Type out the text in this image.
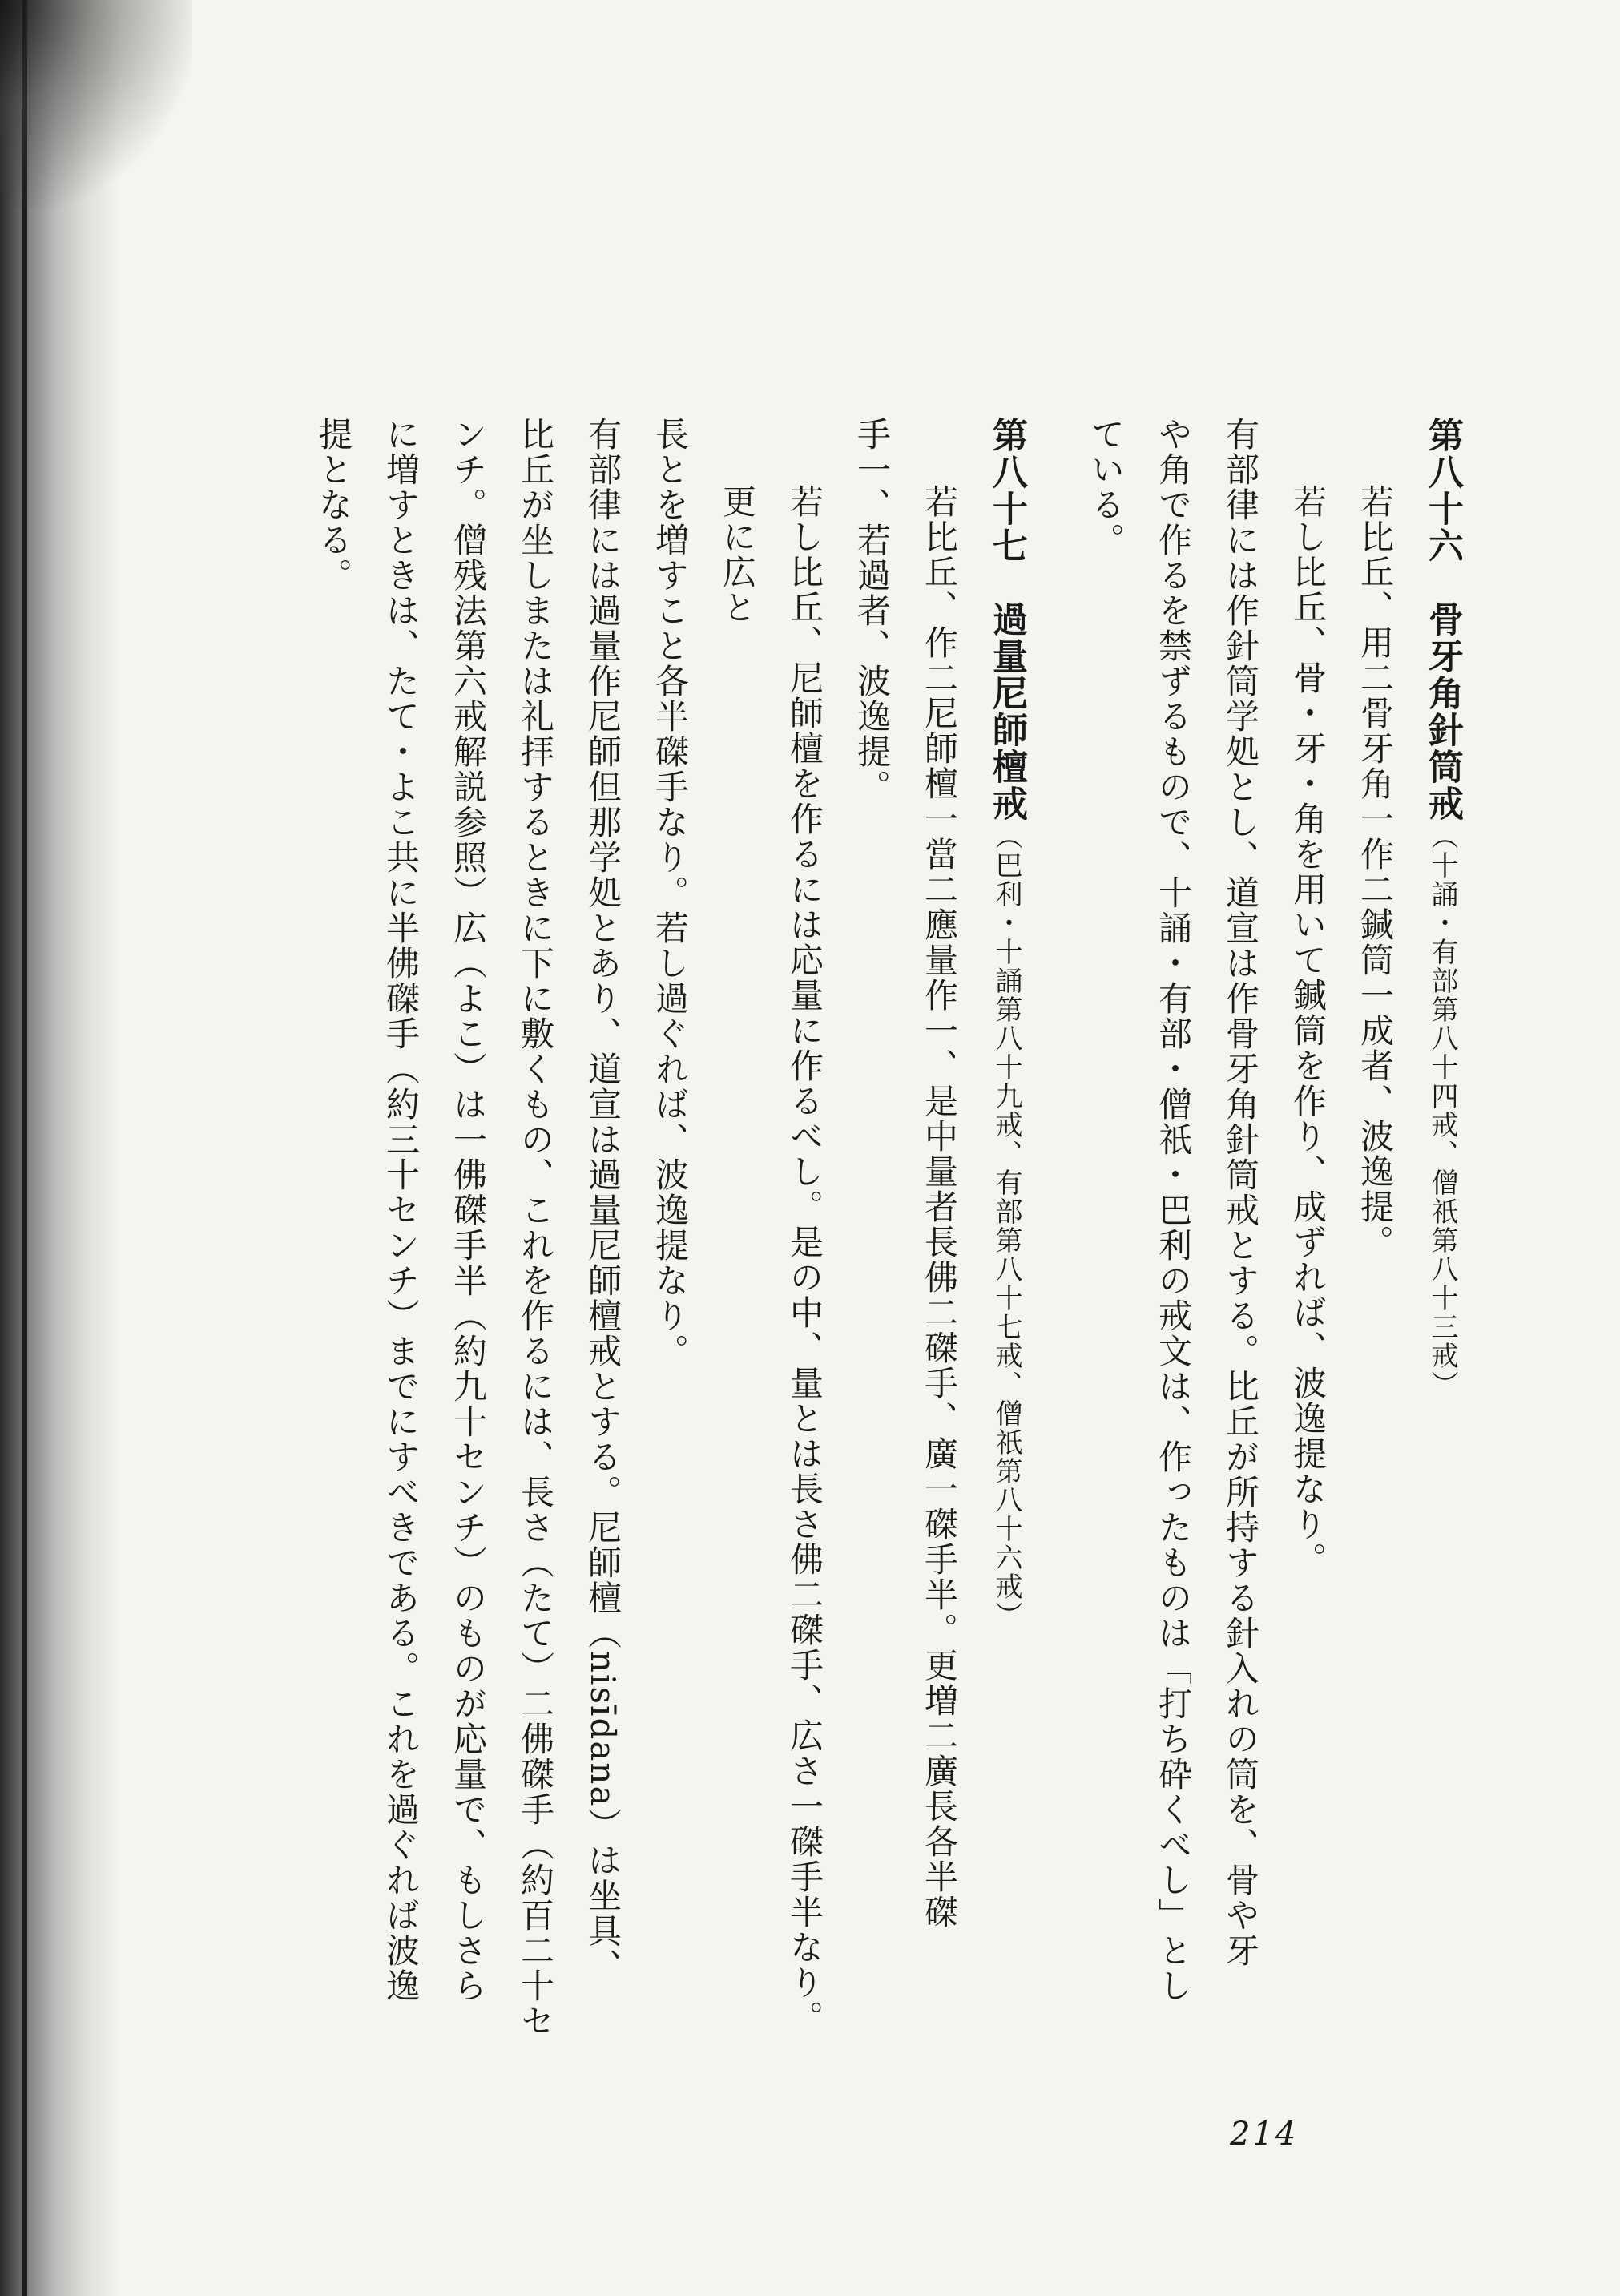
第八十六　骨牙角針筒戒（十誦・有部第八十四戒、僧祇第八十三戒）
若比丘、用二骨牙角一作二鍼筒一成者、波逸提。
若し比丘、骨・牙・角を用いて鍼筒を作り、成ずれば、波逸提なり。
有部律には作針筒学処とし、道宣は作骨牙角針筒戒とする。比丘が所持する針入れの筒を、骨や牙
や角で作るを禁ずるもので、十誦・有部・僧祇・巴利の戒文は、作ったものは「打ち砕くべし」とし
ている。
第八十七　過量尼師檀戒（巴利・十誦第八十九戒、有部第八十七戒、僧祇第八十六戒）
若比丘、作二尼師檀一當二應量作一、是中量者長佛二磔手、廣一磔手半。更増二廣長各半磔
手一、若過者、波逸提。
若し比丘、尼師檀を作るには応量に作るべし。是の中、量とは長さ佛二磔手、広さ一磔手半なり。更に広と
長とを増すこと各半磔手なり。若し過ぐれば、波逸提なり。
有部律には過量作尼師但那学処とあり、道宣は過量尼師檀戒とする。尼師檀（nisīdana）は坐具、
比丘が坐しまたは礼拝するときに下に敷くもの、これを作るには、長さ（たて）二佛磔手（約百二十セ
ンチ。僧残法第六戒解説参照）広（よこ）は一佛磔手半（約九十センチ）のものが応量で、もしさら
に増すときは、たて・よこ共に半佛磔手（約三十センチ）までにすべきである。これを過ぐれば波逸
提となる。
214
